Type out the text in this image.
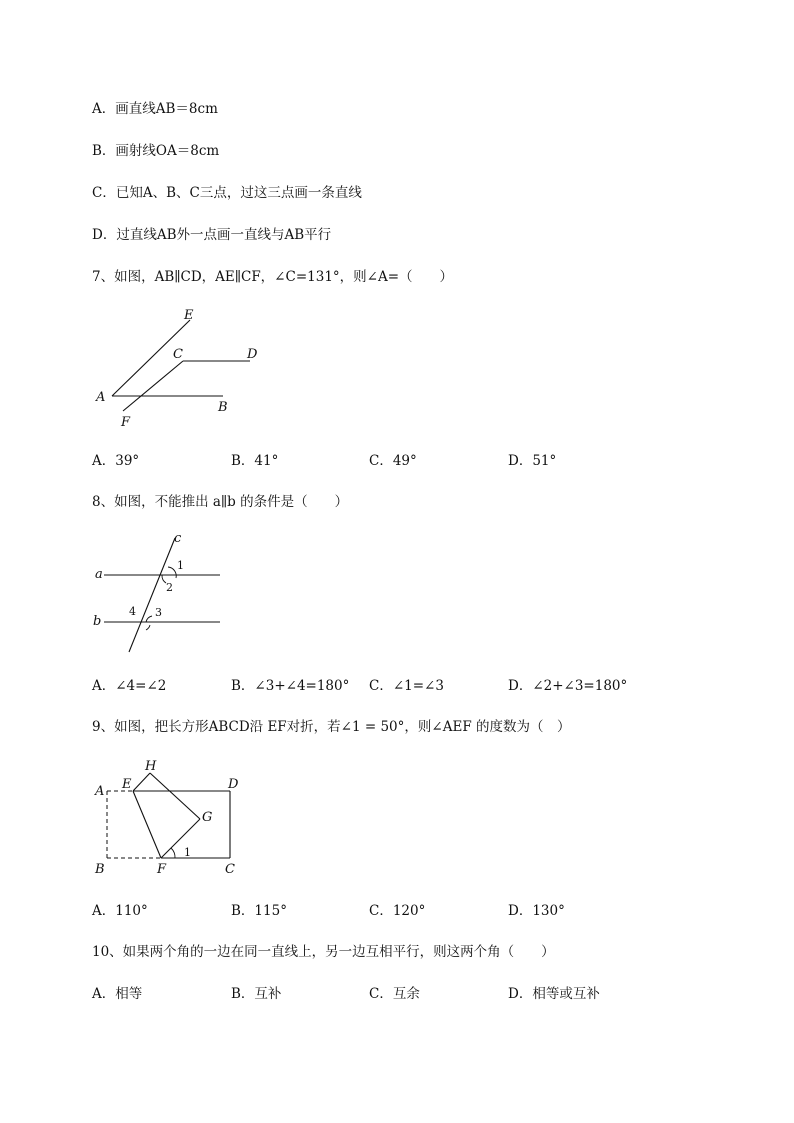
A．画直线AB＝8cm
B．画射线OA＝8cm
C．已知A、B、C三点，过这三点画一条直线
D．过直线AB外一点画一直线与AB平行
7、如图，AB∥CD，AE∥CF，∠C=131°，则∠A=（　　）
E
C	D
A
B
F
A．39°	B．41°	C．49°	D．51°
8、如图，不能推出 a∥b 的条件是（　　）
c
a
b
1
2
3
4
A．∠4=∠2	B．∠3+∠4=180° C．∠1=∠3	D．∠2+∠3=180°
9、如图，把长方形ABCD沿 EF对折，若∠1 = 50°，则∠AEF 的度数为（　）
H
A E	D
G
B	F	C
1
A．110°	B．115°	C．120°	D．130°
10、如果两个角的一边在同一直线上，另一边互相平行，则这两个角（　　）
A．相等	B．互补	C．互余	D．相等或互补
